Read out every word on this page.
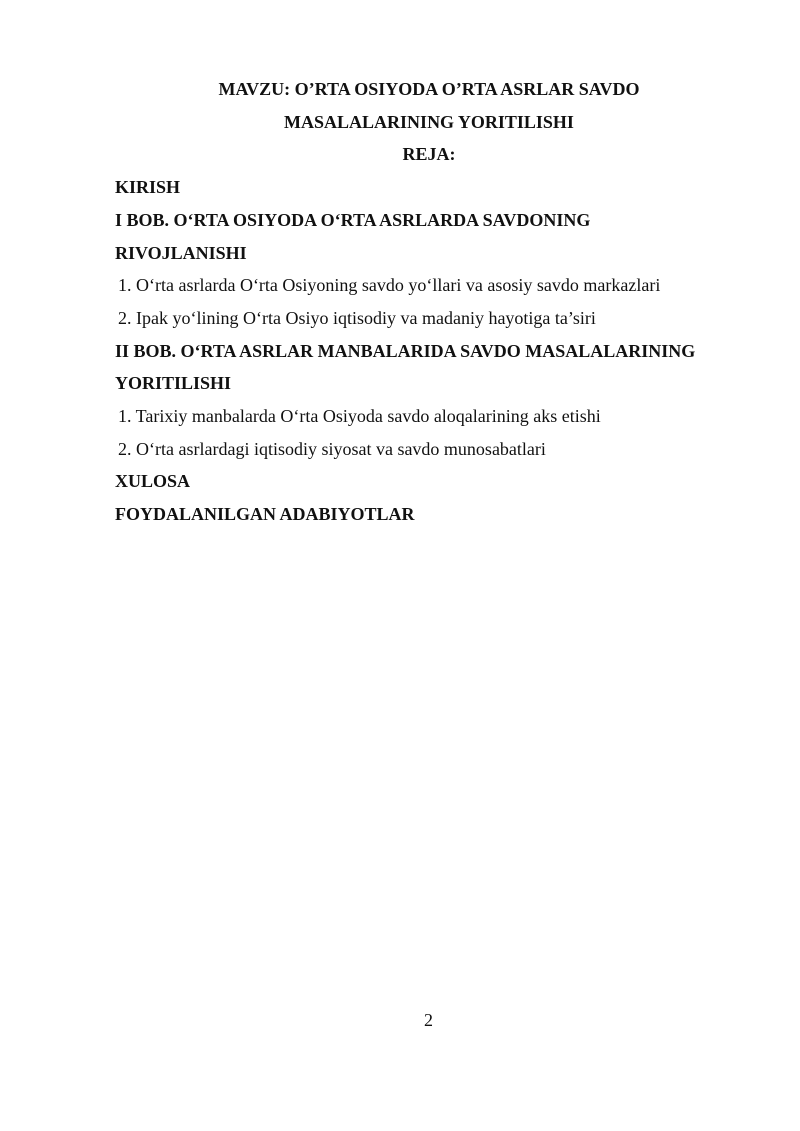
MAVZU: O’RTA OSIYODA O’RTA ASRLAR SAVDO
MASALALARINING YORITILISHI
REJA:
KIRISH
I BOB. O‘RTA OSIYODA O‘RTA ASRLARDA SAVDONING
RIVOJLANISHI
1. O‘rta asrlarda O‘rta Osiyoning savdo yo‘llari va asosiy savdo markazlari
2. Ipak yo‘lining O‘rta Osiyo iqtisodiy va madaniy hayotiga ta’siri
II BOB. O‘RTA ASRLAR MANBALARIDA SAVDO MASALALARINING
YORITILISHI
1. Tarixiy manbalarda O‘rta Osiyoda savdo aloqalarining aks etishi
2. O‘rta asrlardagi iqtisodiy siyosat va savdo munosabatlari
XULOSA
FOYDALANILGAN ADABIYOTLAR
2
